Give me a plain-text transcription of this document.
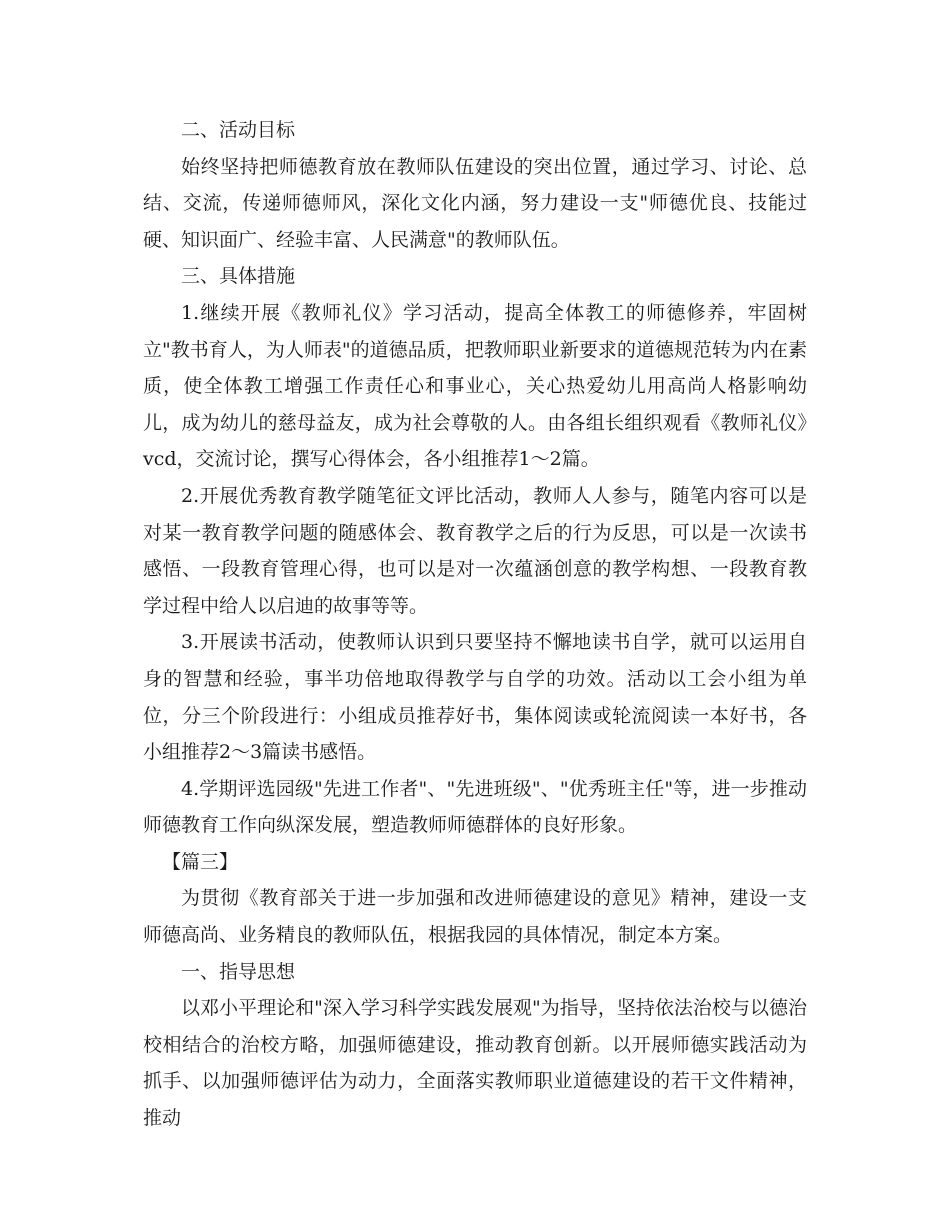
二、活动目标

始终坚持把师德教育放在教师队伍建设的突出位置，通过学习、讨论、总结、交流，传递师德师风，深化文化内涵，努力建设一支"师德优良、技能过硬、知识面广、经验丰富、人民满意"的教师队伍。

三、具体措施

1.继续开展《教师礼仪》学习活动，提高全体教工的师德修养，牢固树立"教书育人，为人师表"的道德品质，把教师职业新要求的道德规范转为内在素质，使全体教工增强工作责任心和事业心，关心热爱幼儿用高尚人格影响幼儿，成为幼儿的慈母益友，成为社会尊敬的人。由各组长组织观看《教师礼仪》vcd，交流讨论，撰写心得体会，各小组推荐1～2篇。

2.开展优秀教育教学随笔征文评比活动，教师人人参与，随笔内容可以是对某一教育教学问题的随感体会、教育教学之后的行为反思，可以是一次读书感悟、一段教育管理心得，也可以是对一次蕴涵创意的教学构想、一段教育教学过程中给人以启迪的故事等等。

3.开展读书活动，使教师认识到只要坚持不懈地读书自学，就可以运用自身的智慧和经验，事半功倍地取得教学与自学的功效。活动以工会小组为单位，分三个阶段进行：小组成员推荐好书，集体阅读或轮流阅读一本好书，各小组推荐2～3篇读书感悟。

4.学期评选园级"先进工作者"、"先进班级"、"优秀班主任"等，进一步推动师德教育工作向纵深发展，塑造教师师德群体的良好形象。

【篇三】

为贯彻《教育部关于进一步加强和改进师德建设的意见》精神，建设一支师德高尚、业务精良的教师队伍，根据我园的具体情况，制定本方案。

一、指导思想

以邓小平理论和"深入学习科学实践发展观"为指导，坚持依法治校与以德治校相结合的治校方略，加强师德建设，推动教育创新。以开展师德实践活动为抓手、以加强师德评估为动力，全面落实教师职业道德建设的若干文件精神，推动
